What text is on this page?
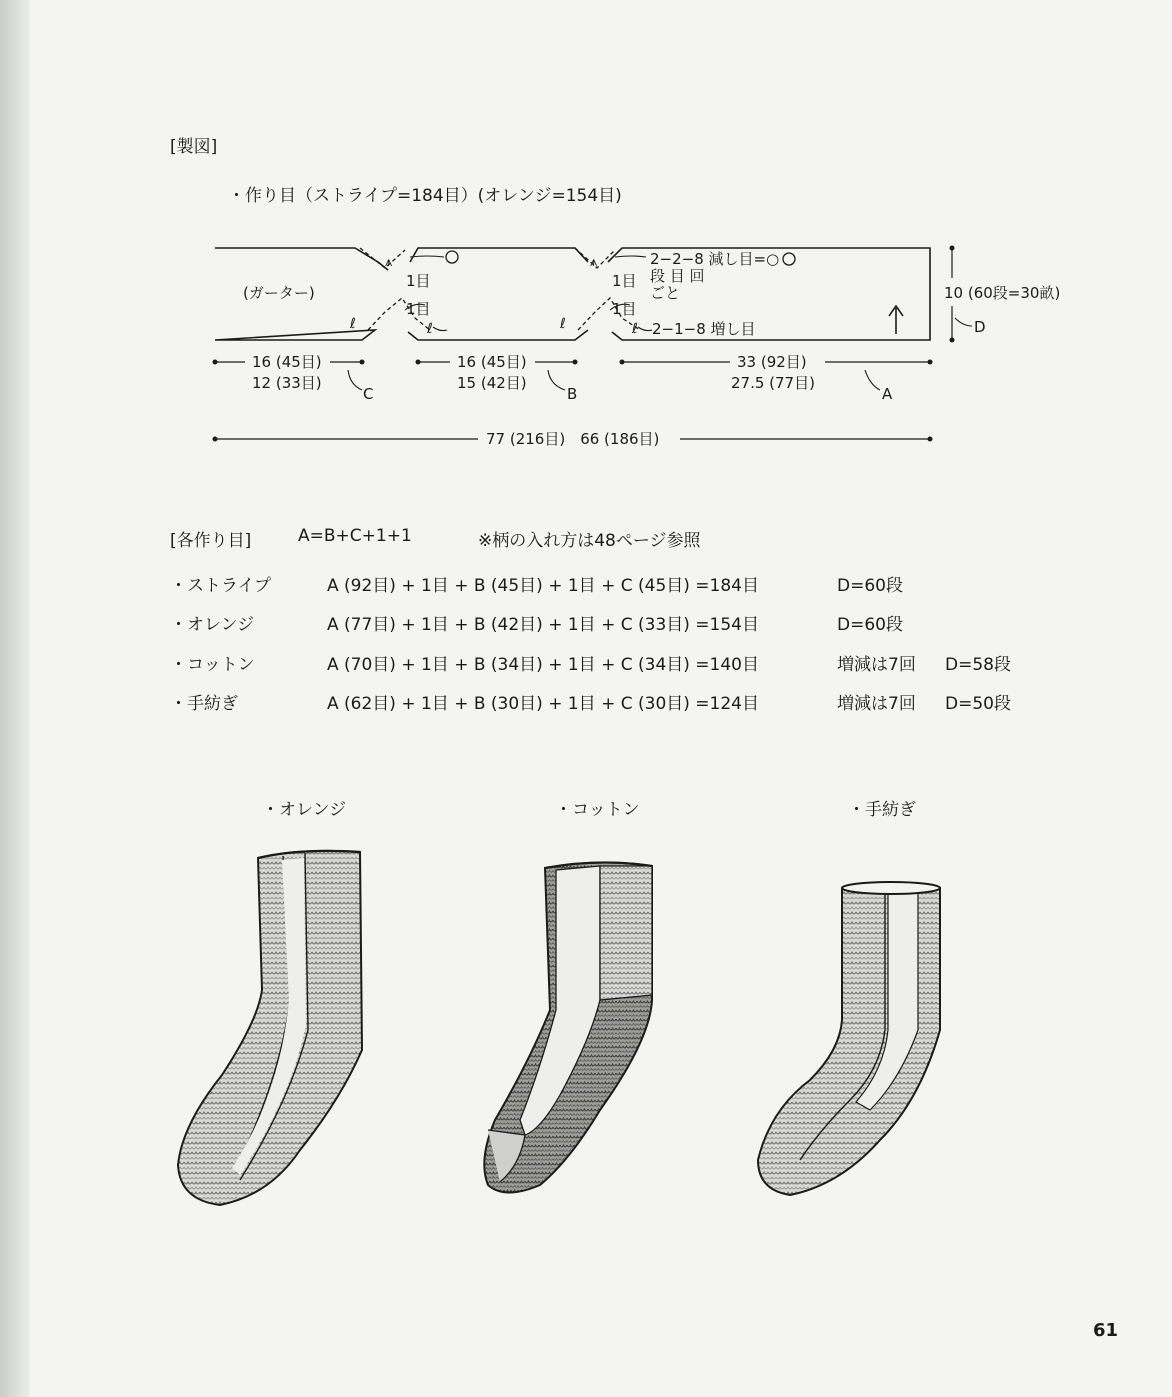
[製図]
・作り目（ストライプ=184目）(オレンジ=154目)
⩚	⩚
ℓ	ℓ	ℓ	ℓ
(ガーター)
1目
1目
1目
1目
2−2−8 減し目=○
段 目 回
ごと
2−1−8 増し目
10 (60段=30畝)
D
16 (45目)
12 (33目)
C
16 (45目)
15 (42目)
B
33 (92目)
27.5 (77目)
A
77 (216目)　66 (186目)
[各作り目]	A=B+C+1+1	※柄の入れ方は48ページ参照
・ストライプ	A (92目) + 1目 + B (45目) + 1目 + C (45目) =184目	D=60段
・オレンジ	A (77目) + 1目 + B (42目) + 1目 + C (33目) =154目	D=60段
・コットン	A (70目) + 1目 + B (34目) + 1目 + C (34目) =140目	増減は7回 D=58段
・手紡ぎ	A (62目) + 1目 + B (30目) + 1目 + C (30目) =124目	増減は7回 D=50段
・オレンジ	・コットン	・手紡ぎ
61
